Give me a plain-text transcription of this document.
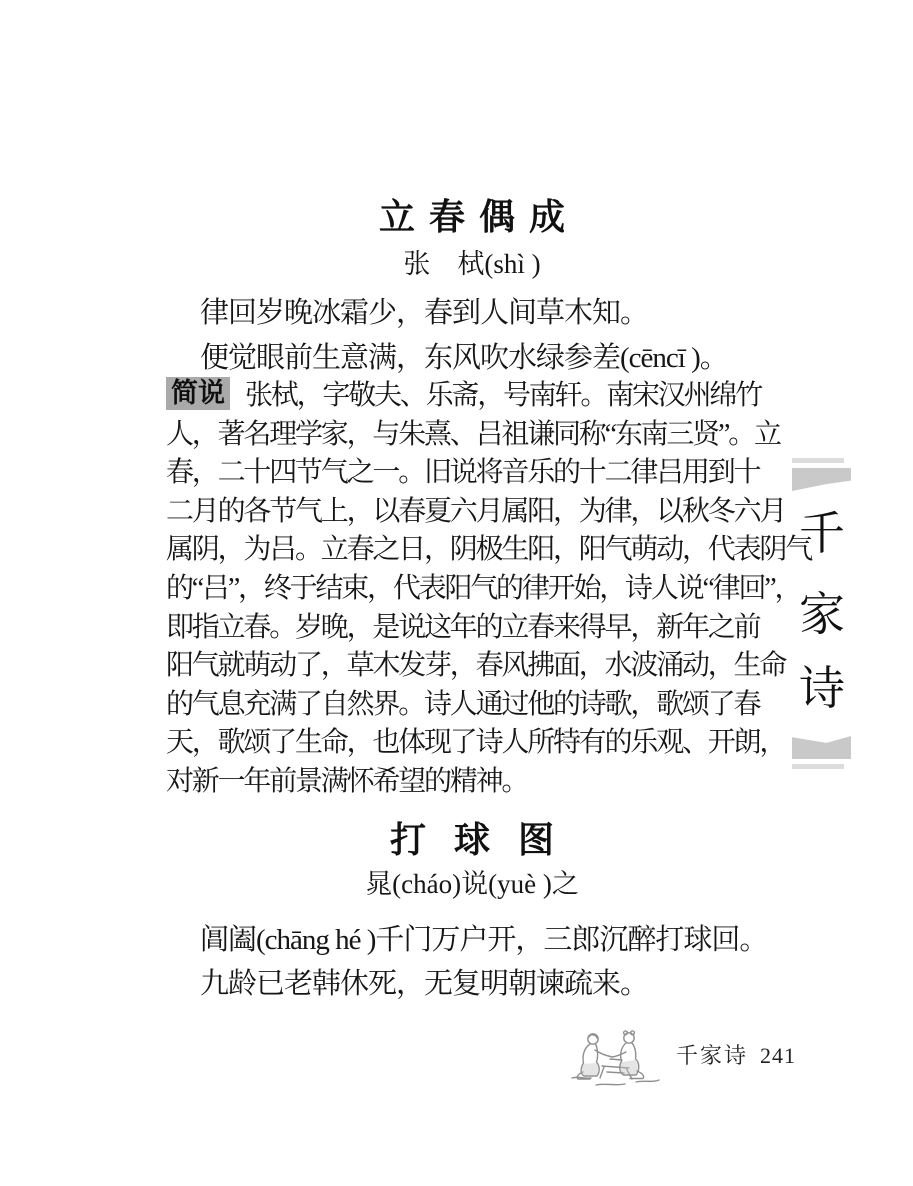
立春偶成
张　栻(shì )
律回岁晚冰霜少，春到人间草木知。
便觉眼前生意满，东风吹水绿参差(cēncī )。
简说 张栻，字敬夫、乐斋，号南轩。南宋汉州绵竹
人，著名理学家，与朱熹、吕祖谦同称“东南三贤”。立
春，二十四节气之一。旧说将音乐的十二律吕用到十
二月的各节气上，以春夏六月属阳，为律，以秋冬六月
属阴，为吕。立春之日，阴极生阳，阳气萌动，代表阴气
的“吕”，终于结束，代表阳气的律开始，诗人说“律回”，
即指立春。岁晚，是说这年的立春来得早，新年之前
阳气就萌动了，草木发芽，春风拂面，水波涌动，生命
的气息充满了自然界。诗人通过他的诗歌，歌颂了春
天，歌颂了生命，也体现了诗人所特有的乐观、开朗，
对新一年前景满怀希望的精神。
打球图
晁(cháo)说(yuè )之
阊阖(chāng hé )千门万户开，三郎沉醉打球回。
九龄已老韩休死，无复明朝谏疏来。
千
家
诗
千家诗 241
